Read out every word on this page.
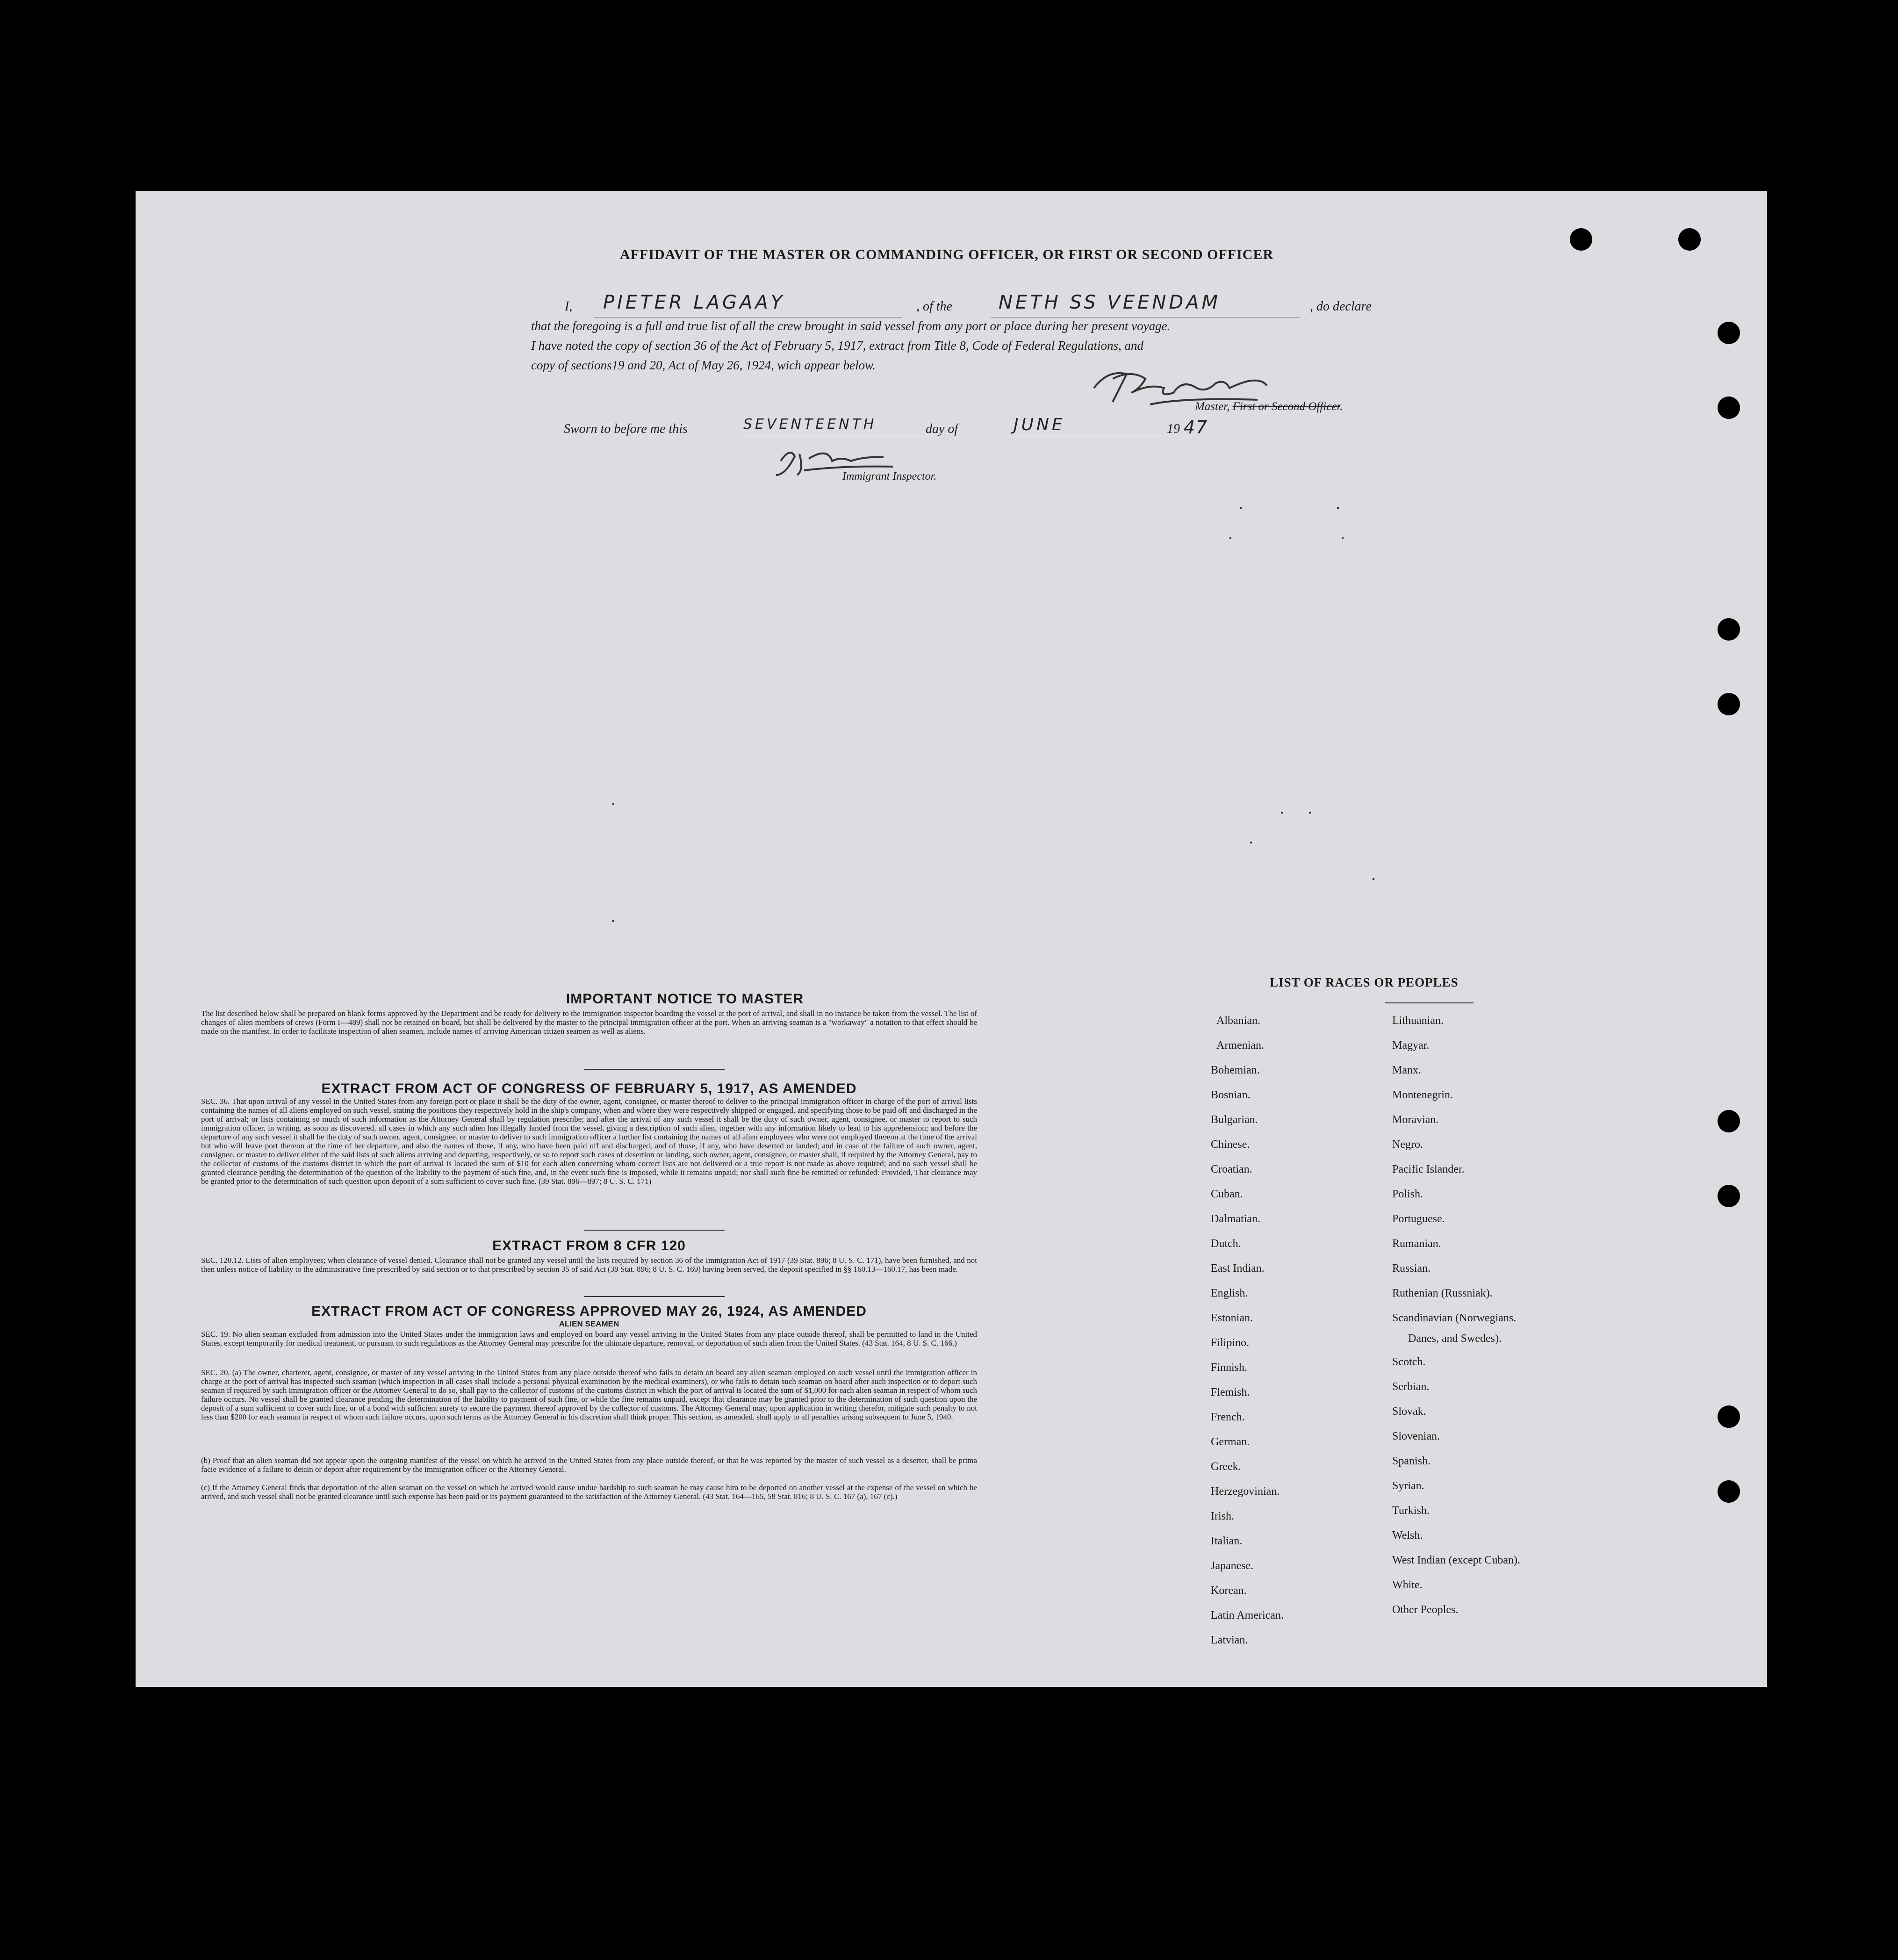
AFFIDAVIT OF THE MASTER OR COMMANDING OFFICER, OR FIRST OR SECOND OFFICER
I, PIETER LAGAAY	, of the NETH SS VEENDAM	, do declare
that the foregoing is a full and true list of all the crew brought in said vessel from any port or place during her present voyage.
I have noted the copy of section 36 of the Act of February 5, 1917, extract from Title 8, Code of Federal Regulations, and
copy of sections19 and 20, Act of May 26, 1924, wich appear below.
Master, First or Second Officer.
Sworn to before me this	SEVENTEENTH	day of	JUNE	19 47
Immigrant Inspector.
IMPORTANT NOTICE TO MASTER
The list described below shall be prepared on blank forms approved by the Department and be ready for delivery to the immigration inspector boarding the vessel at the port of arrival, and shall in no instance be taken from the vessel. The list of changes of alien members of crews (Form I—489) shall not be retained on board, but shall be delivered by the master to the principal immigration officer at the port. When an arriving seaman is a "workaway" a notation to that effect should be made on the manifest. In order to facilitate inspection of alien seamen, include names of arriving American citizen seamen as well as aliens.
EXTRACT FROM ACT OF CONGRESS OF FEBRUARY 5, 1917, AS AMENDED
SEC. 36. That upon arrival of any vessel in the United States from any foreign port or place it shall be the duty of the owner, agent, consignee, or master thereof to deliver to the principal immigration officer in charge of the port of arrival lists containing the names of all aliens employed on such vessel, stating the positions they respectively hold in the ship's company, when and where they were respectively shipped or engaged, and specifying those to be paid off and discharged in the port of arrival; or lists containing so much of such information as the Attorney General shall by regulation prescribe; and after the arrival of any such vessel it shall be the duty of such owner, agent, consignee, or master to report to such immigration officer, in writing, as soon as discovered, all cases in which any such alien has illegally landed from the vessel, giving a description of such alien, together with any information likely to lead to his apprehension; and before the departure of any such vessel it shall be the duty of such owner, agent, consignee, or master to deliver to such immigration officer a further list containing the names of all alien employees who were not employed thereon at the time of the arrival but who will leave port thereon at the time of her departure, and also the names of those, if any, who have been paid off and discharged, and of those, if any, who have deserted or landed; and in case of the failure of such owner, agent, consignee, or master to deliver either of the said lists of such aliens arriving and departing, respectively, or so to report such cases of desertion or landing, such owner, agent, consignee, or master shall, if required by the Attorney General, pay to the collector of customs of the customs district in which the port of arrival is located the sum of $10 for each alien concerning whom correct lists are not delivered or a true report is not made as above required; and no such vessel shall be granted clearance pending the determination of the question of the liability to the payment of such fine, and, in the event such fine is imposed, while it remains unpaid; nor shall such fine be remitted or refunded: Provided, That clearance may be granted prior to the determination of such question upon deposit of a sum sufficient to cover such fine. (39 Stat. 896—897; 8 U. S. C. 171)
EXTRACT FROM 8 CFR 120
SEC. 120.12. Lists of alien employees; when clearance of vessel denied. Clearance shall not be granted any vessel until the lists required by section 36 of the Immigration Act of 1917 (39 Stat. 896; 8 U. S. C. 171), have been furnished, and not then unless notice of liability to the administrative fine prescribed by said section or to that prescribed by section 35 of said Act (39 Stat. 896; 8 U. S. C. 169) having been served, the deposit specified in §§ 160.13—160.17, has been made.
EXTRACT FROM ACT OF CONGRESS APPROVED MAY 26, 1924, AS AMENDED
ALIEN SEAMEN
SEC. 19. No alien seaman excluded from admission into the United States under the immigration laws and employed on board any vessel arriving in the United States from any place outside thereof, shall be permitted to land in the United States, except temporarily for medical treatment, or pursuant to such regulations as the Attorney General may prescribe for the ultimate departure, removal, or deportation of such alien from the United States. (43 Stat. 164, 8 U. S. C. 166.)
SEC. 20. (a) The owner, charterer, agent, consignee, or master of any vessel arriving in the United States from any place outside thereof who fails to detain on board any alien seaman employed on such vessel until the immigration officer in charge at the port of arrival has inspected such seaman (which inspection in all cases shall include a personal physical examination by the medical examiners), or who fails to detain such seaman on board after such inspection or to deport such seaman if required by such immigration officer or the Attorney General to do so, shall pay to the collector of customs of the customs district in which the port of arrival is located the sum of $1,000 for each alien seaman in respect of whom such failure occurs. No vessel shall be granted clearance pending the determination of the liability to payment of such fine, or while the fine remains unpaid, except that clearance may be granted prior to the determination of such question upon the deposit of a sum sufficient to cover such fine, or of a bond with sufficient surety to secure the payment thereof approved by the collector of customs. The Attorney General may, upon application in writing therefor, mitigate such penalty to not less than $200 for each seaman in respect of whom such failure occurs, upon such terms as the Attorney General in his discretion shall think proper. This section, as amended, shall apply to all penalties arising subsequent to June 5, 1940.
(b) Proof that an alien seaman did not appear upon the outgoing manifest of the vessel on which he arrived in the United States from any place outside thereof, or that he was reported by the master of such vessel as a deserter, shall be prima facie evidence of a failure to detain or deport after requirement by the immigration officer or the Attorney General.
(c) If the Attorney General finds that deportation of the alien seaman on the vessel on which he arrived would cause undue hardship to such seaman he may cause him to be deported on another vessel at the expense of the vessel on which he arrived, and such vessel shall not be granted clearance until such expense has been paid or its payment guaranteed to the satisfaction of the Attorney General. (43 Stat. 164—165, 58 Stat. 816; 8 U. S. C. 167 (a), 167 (c).)
LIST OF RACES OR PEOPLES
Albanian.
Armenian.
Bohemian.
Bosnian.
Bulgarian.
Chinese.
Croatian.
Cuban.
Dalmatian.
Dutch.
East Indian.
English.
Estonian.
Filipino.
Finnish.
Flemish.
French.
German.
Greek.
Herzegovinian.
Irish.
Italian.
Japanese.
Korean.
Latin American.
Latvian.
Lithuanian.
Magyar.
Manx.
Montenegrin.
Moravian.
Negro.
Pacific Islander.
Polish.
Portuguese.
Rumanian.
Russian.
Ruthenian (Russniak).
Scandinavian (Norwegians.
Danes, and Swedes).
Scotch.
Serbian.
Slovak.
Slovenian.
Spanish.
Syrian.
Turkish.
Welsh.
West Indian (except Cuban).
White.
Other Peoples.
